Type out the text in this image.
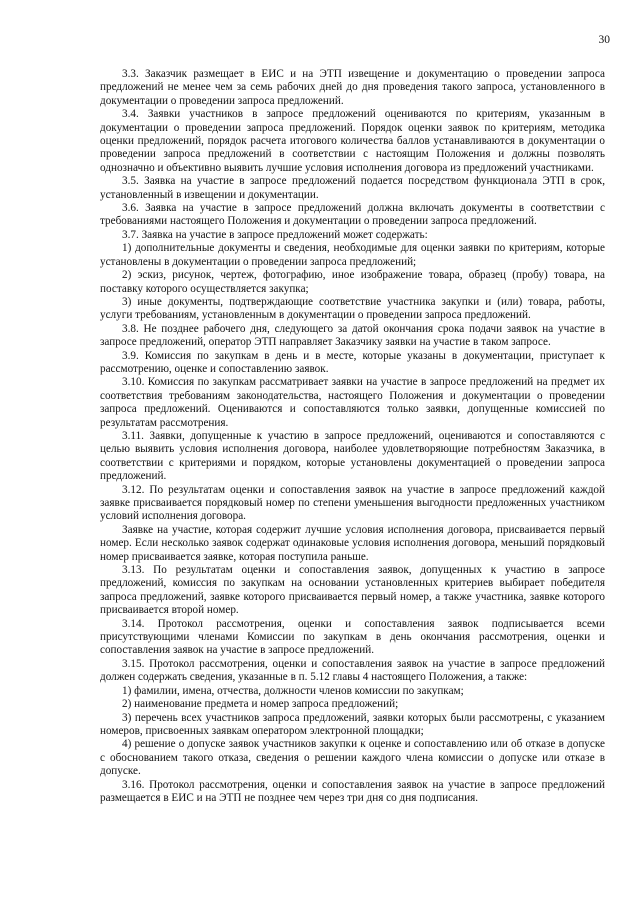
30

3.3. Заказчик размещает в ЕИС и на ЭТП извещение и документацию о проведении запроса предложений не менее чем за семь рабочих дней до дня проведения такого запроса, установленного в документации о проведении запроса предложений.

3.4. Заявки участников в запросе предложений оцениваются по критериям, указанным в документации о проведении запроса предложений. Порядок оценки заявок по критериям, методика оценки предложений, порядок расчета итогового количества баллов устанавливаются в документации о проведении запроса предложений в соответствии с настоящим Положения и должны позволять однозначно и объективно выявить лучшие условия исполнения договора из предложений участниками.

3.5. Заявка на участие в запросе предложений подается посредством функционала ЭТП в срок, установленный в извещении и документации.

3.6. Заявка на участие в запросе предложений должна включать документы в соответствии с требованиями настоящего Положения и документации о проведении запроса предложений.

3.7. Заявка на участие в запросе предложений может содержать:

1) дополнительные документы и сведения, необходимые для оценки заявки по критериям, которые установлены в документации о проведении запроса предложений;

2) эскиз, рисунок, чертеж, фотографию, иное изображение товара, образец (пробу) товара, на поставку которого осуществляется закупка;

3) иные документы, подтверждающие соответствие участника закупки и (или) товара, работы, услуги требованиям, установленным в документации о проведении запроса предложений.

3.8. Не позднее рабочего дня, следующего за датой окончания срока подачи заявок на участие в запросе предложений, оператор ЭТП направляет Заказчику заявки на участие в таком запросе.

3.9. Комиссия по закупкам в день и в месте, которые указаны в документации, приступает к рассмотрению, оценке и сопоставлению заявок.

3.10. Комиссия по закупкам рассматривает заявки на участие в запросе предложений на предмет их соответствия требованиям законодательства, настоящего Положения и документации о проведении запроса предложений. Оцениваются и сопоставляются только заявки, допущенные комиссией по результатам рассмотрения.

3.11. Заявки, допущенные к участию в запросе предложений, оцениваются и сопоставляются с целью выявить условия исполнения договора, наиболее удовлетворяющие потребностям Заказчика, в соответствии с критериями и порядком, которые установлены документацией о проведении запроса предложений.

3.12. По результатам оценки и сопоставления заявок на участие в запросе предложений каждой заявке присваивается порядковый номер по степени уменьшения выгодности предложенных участником условий исполнения договора.

Заявке на участие, которая содержит лучшие условия исполнения договора, присваивается первый номер. Если несколько заявок содержат одинаковые условия исполнения договора, меньший порядковый номер присваивается заявке, которая поступила раньше.

3.13. По результатам оценки и сопоставления заявок, допущенных к участию в запросе предложений, комиссия по закупкам на основании установленных критериев выбирает победителя запроса предложений, заявке которого присваивается первый номер, а также участника, заявке которого присваивается второй номер.

3.14. Протокол рассмотрения, оценки и сопоставления заявок подписывается всеми присутствующими членами Комиссии по закупкам в день окончания рассмотрения, оценки и сопоставления заявок на участие в запросе предложений.

3.15. Протокол рассмотрения, оценки и сопоставления заявок на участие в запросе предложений должен содержать сведения, указанные в п. 5.12 главы 4 настоящего Положения, а также:

1) фамилии, имена, отчества, должности членов комиссии по закупкам;

2) наименование предмета и номер запроса предложений;

3) перечень всех участников запроса предложений, заявки которых были рассмотрены, с указанием номеров, присвоенных заявкам оператором электронной площадки;

4) решение о допуске заявок участников закупки к оценке и сопоставлению или об отказе в допуске с обоснованием такого отказа, сведения о решении каждого члена комиссии о допуске или отказе в допуске.

3.16. Протокол рассмотрения, оценки и сопоставления заявок на участие в запросе предложений размещается в ЕИС и на ЭТП не позднее чем через три дня со дня подписания.
